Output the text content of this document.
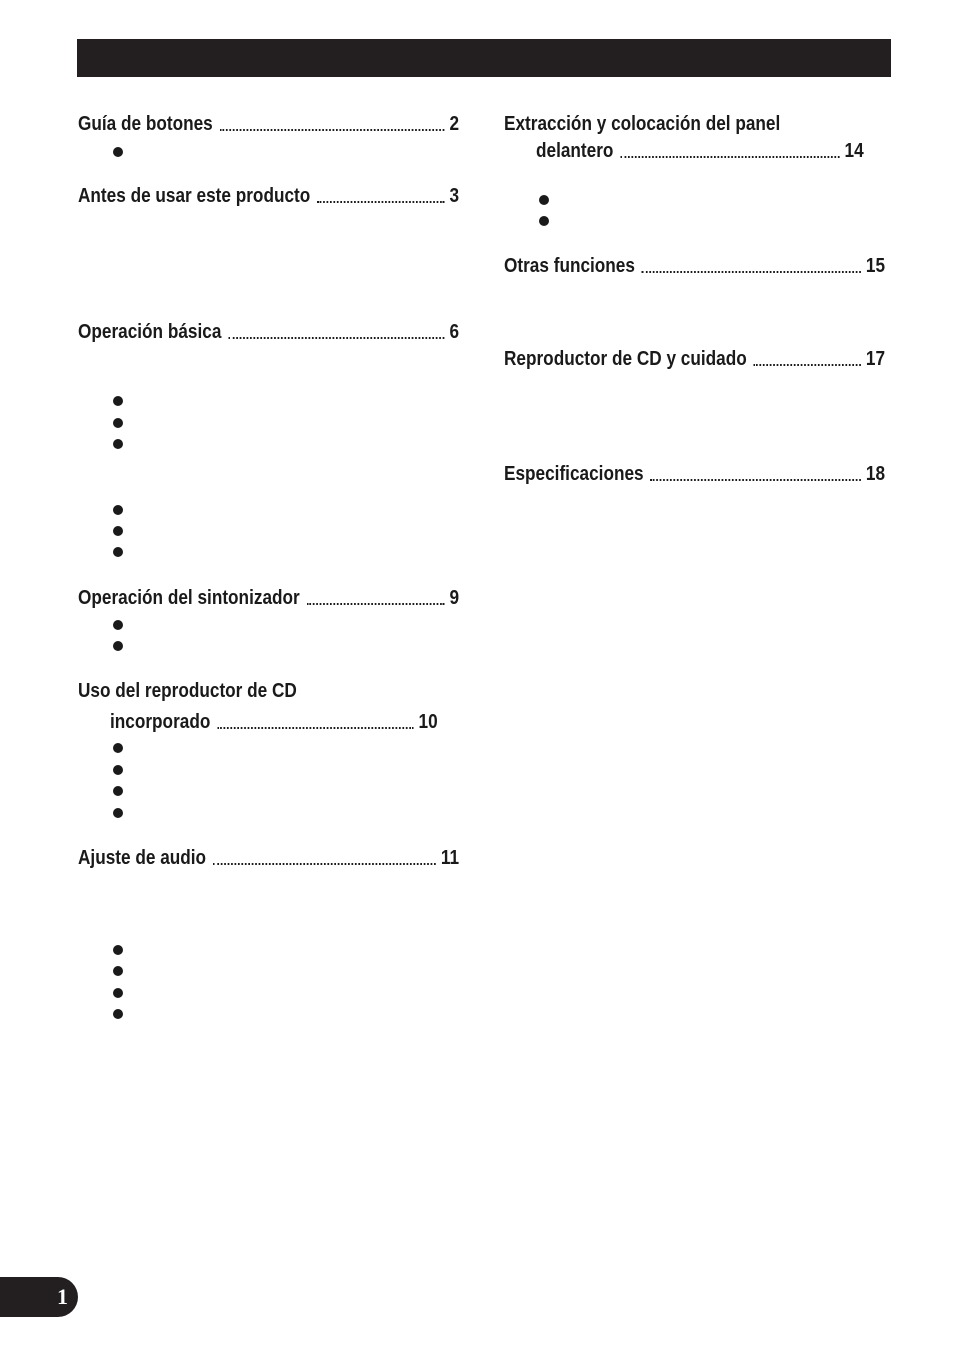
Guía de botones	2
Antes de usar este producto	3
Operación básica	6
Operación del sintonizador	9
Uso del reproductor de CD
incorporado	10
Ajuste de audio	11
Extracción y colocación del panel
delantero	14
Otras funciones	15
Reproductor de CD y cuidado	17
Especificaciones	18
1
